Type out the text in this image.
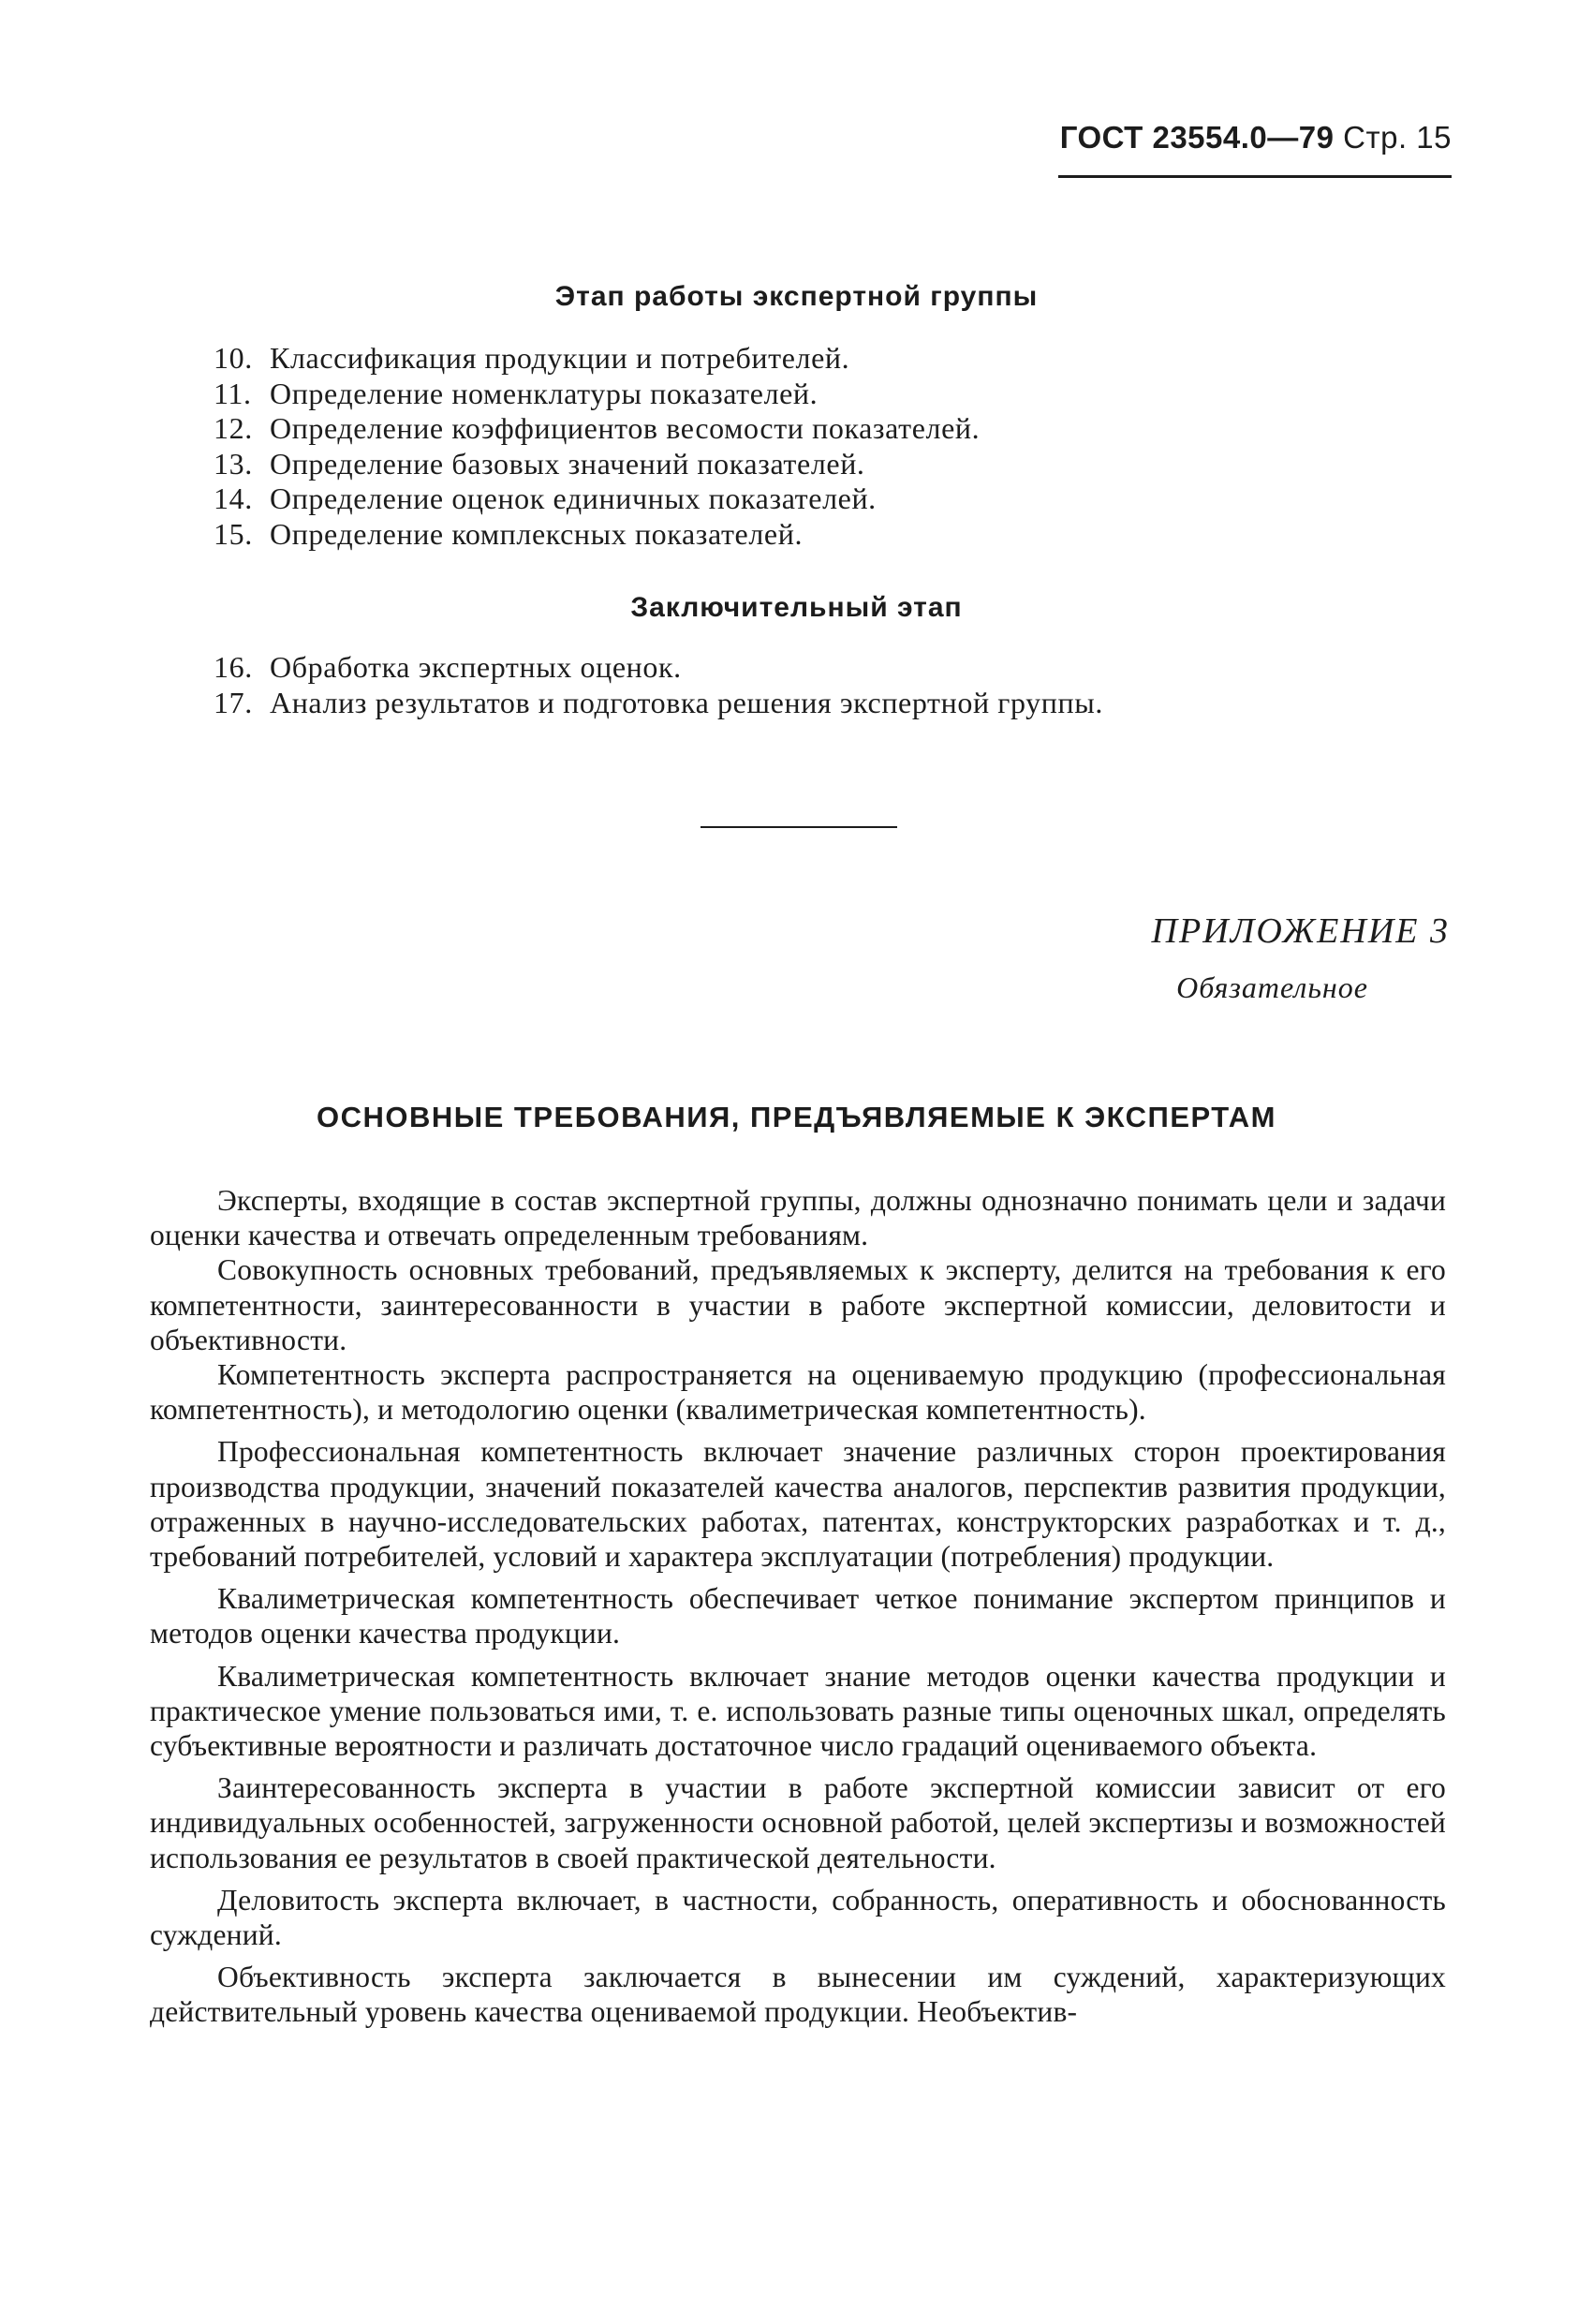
ГОСТ 23554.0—79 Стр. 15
Этап работы экспертной группы
10. Классификация продукции и потребителей.
11. Определение номенклатуры показателей.
12. Определение коэффициентов весомости показателей.
13. Определение базовых значений показателей.
14. Определение оценок единичных показателей.
15. Определение комплексных показателей.
Заключительный этап
16. Обработка экспертных оценок.
17. Анализ результатов и подготовка решения экспертной группы.
ПРИЛОЖЕНИЕ 3
Обязательное
ОСНОВНЫЕ ТРЕБОВАНИЯ, ПРЕДЪЯВЛЯЕМЫЕ К ЭКСПЕРТАМ

Эксперты, входящие в состав экспертной группы, должны однозначно понимать цели и задачи оценки качества и отвечать определенным требованиям.

Совокупность основных требований, предъявляемых к эксперту, делится на требования к его компетентности, заинтересованности в участии в работе экспертной комиссии, деловитости и объективности.

Компетентность эксперта распространяется на оцениваемую продукцию (профессиональная компетентность), и методологию оценки (квалиметрическая компетентность).

Профессиональная компетентность включает значение различных сторон проектирования производства продукции, значений показателей качества аналогов, перспектив развития продукции, отраженных в научно-исследовательских работах, патентах, конструкторских разработках и т. д., требований потребителей, условий и характера эксплуатации (потребления) продукции.

Квалиметрическая компетентность обеспечивает четкое понимание экспертом принципов и методов оценки качества продукции.

Квалиметрическая компетентность включает знание методов оценки качества продукции и практическое умение пользоваться ими, т. е. использовать разные типы оценочных шкал, определять субъективные вероятности и различать достаточное число градаций оцениваемого объекта.

Заинтересованность эксперта в участии в работе экспертной комиссии зависит от его индивидуальных особенностей, загруженности основной работой, целей экспертизы и возможностей использования ее результатов в своей практической деятельности.

Деловитость эксперта включает, в частности, собранность, оперативность и обоснованность суждений.

Объективность эксперта заключается в вынесении им суждений, характеризующих действительный уровень качества оцениваемой продукции. Необъектив-
